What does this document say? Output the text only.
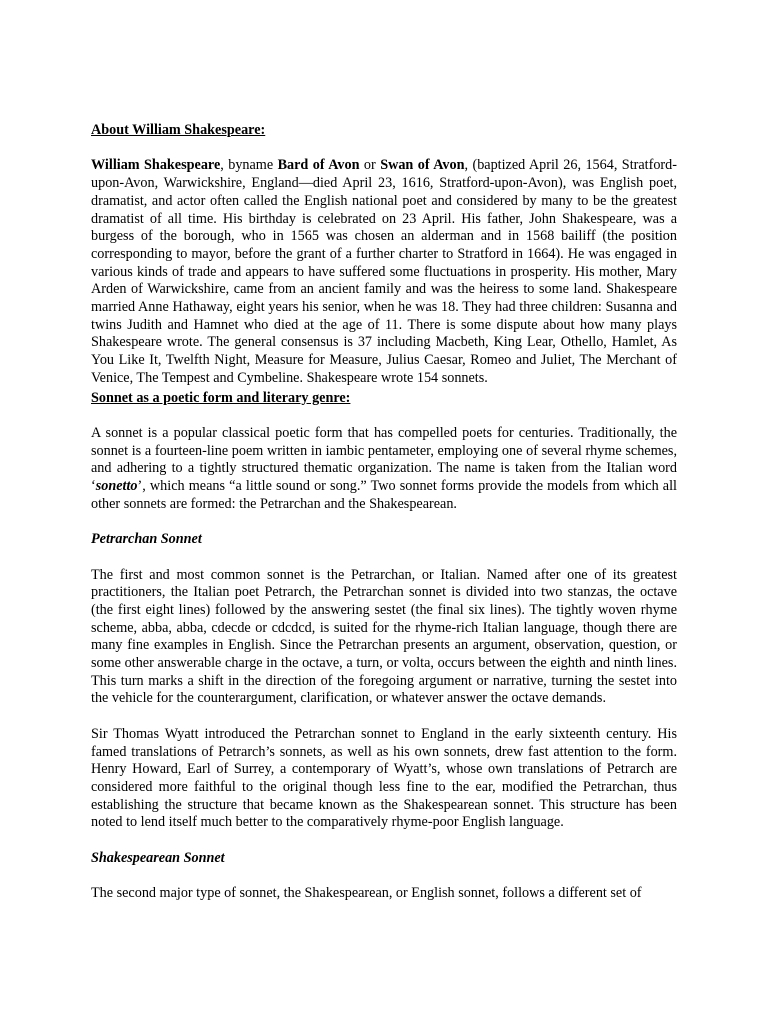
About William Shakespeare:

William Shakespeare, byname Bard of Avon or Swan of Avon, (baptized April 26, 1564, Stratford-upon-Avon, Warwickshire, England—died April 23, 1616, Stratford-upon-Avon), was English poet, dramatist, and actor often called the English national poet and considered by many to be the greatest dramatist of all time. His birthday is celebrated on 23 April. His father, John Shakespeare, was a burgess of the borough, who in 1565 was chosen an alderman and in 1568 bailiff (the position corresponding to mayor, before the grant of a further charter to Stratford in 1664). He was engaged in various kinds of trade and appears to have suffered some fluctuations in prosperity. His mother, Mary Arden of Warwickshire, came from an ancient family and was the heiress to some land. Shakespeare married Anne Hathaway, eight years his senior, when he was 18. They had three children: Susanna and twins Judith and Hamnet who died at the age of 11. There is some dispute about how many plays Shakespeare wrote. The general consensus is 37 including Macbeth, King Lear, Othello, Hamlet, As You Like It, Twelfth Night, Measure for Measure, Julius Caesar, Romeo and Juliet, The Merchant of Venice, The Tempest and Cymbeline. Shakespeare wrote 154 sonnets.

Sonnet as a poetic form and literary genre:

A sonnet is a popular classical poetic form that has compelled poets for centuries. Traditionally, the sonnet is a fourteen-line poem written in iambic pentameter, employing one of several rhyme schemes, and adhering to a tightly structured thematic organization. The name is taken from the Italian word ‘sonetto’, which means “a little sound or song.” Two sonnet forms provide the models from which all other sonnets are formed: the Petrarchan and the Shakespearean.

Petrarchan Sonnet

The first and most common sonnet is the Petrarchan, or Italian. Named after one of its greatest practitioners, the Italian poet Petrarch, the Petrarchan sonnet is divided into two stanzas, the octave (the first eight lines) followed by the answering sestet (the final six lines). The tightly woven rhyme scheme, abba, abba, cdecde or cdcdcd, is suited for the rhyme-rich Italian language, though there are many fine examples in English. Since the Petrarchan presents an argument, observation, question, or some other answerable charge in the octave, a turn, or volta, occurs between the eighth and ninth lines. This turn marks a shift in the direction of the foregoing argument or narrative, turning the sestet into the vehicle for the counterargument, clarification, or whatever answer the octave demands.

Sir Thomas Wyatt introduced the Petrarchan sonnet to England in the early sixteenth century. His famed translations of Petrarch’s sonnets, as well as his own sonnets, drew fast attention to the form. Henry Howard, Earl of Surrey, a contemporary of Wyatt’s, whose own translations of Petrarch are considered more faithful to the original though less fine to the ear, modified the Petrarchan, thus establishing the structure that became known as the Shakespearean sonnet. This structure has been noted to lend itself much better to the comparatively rhyme-poor English language.

Shakespearean Sonnet

The second major type of sonnet, the Shakespearean, or English sonnet, follows a different set of
